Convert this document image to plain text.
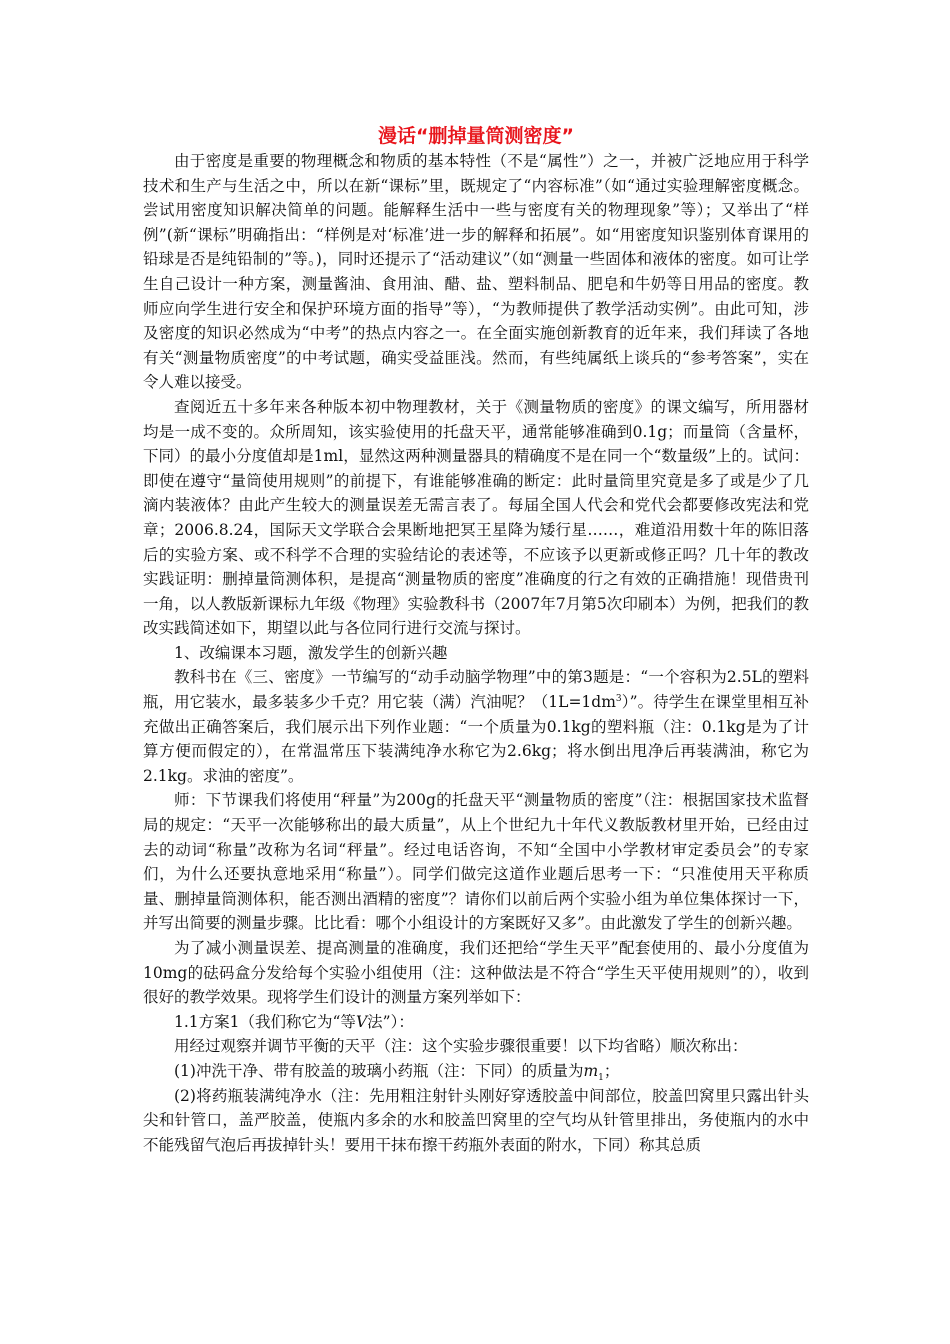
漫话“删掉量筒测密度”

由于密度是重要的物理概念和物质的基本特性（不是“属性”）之一，并被广泛地应用于科学技术和生产与生活之中，所以在新“课标”里，既规定了“内容标准”（如“通过实验理解密度概念。尝试用密度知识解决简单的问题。能解释生活中一些与密度有关的物理现象”等）；又举出了“样例”(新“课标”明确指出：“样例是对‘标准’进一步的解释和拓展”。如“用密度知识鉴别体育课用的铅球是否是纯铅制的”等。)，同时还提示了“活动建议”（如“测量一些固体和液体的密度。如可让学生自己设计一种方案，测量酱油、食用油、醋、盐、塑料制品、肥皂和牛奶等日用品的密度。教师应向学生进行安全和保护环境方面的指导”等），“为教师提供了教学活动实例”。由此可知，涉及密度的知识必然成为“中考”的热点内容之一。在全面实施创新教育的近年来，我们拜读了各地有关“测量物质密度”的中考试题，确实受益匪浅。然而，有些纯属纸上谈兵的“参考答案”，实在令人难以接受。

查阅近五十多年来各种版本初中物理教材，关于《测量物质的密度》的课文编写，所用器材均是一成不变的。众所周知，该实验使用的托盘天平，通常能够准确到0.1g；而量筒（含量杯，下同）的最小分度值却是1ml，显然这两种测量器具的精确度不是在同一个“数量级”上的。试问：即使在遵守“量筒使用规则”的前提下，有谁能够准确的断定：此时量筒里究竟是多了或是少了几滴内装液体？由此产生较大的测量误差无需言表了。每届全国人代会和党代会都要修改宪法和党章；2006.8.24，国际天文学联合会果断地把冥王星降为矮行星……，难道沿用数十年的陈旧落后的实验方案、或不科学不合理的实验结论的表述等，不应该予以更新或修正吗？几十年的教改实践证明：删掉量筒测体积，是提高“测量物质的密度”准确度的行之有效的正确措施！现借贵刊一角，以人教版新课标九年级《物理》实验教科书（2007年7月第5次印刷本）为例，把我们的教改实践简述如下，期望以此与各位同行进行交流与探讨。

1、改编课本习题，激发学生的创新兴趣

教科书在《三、密度》一节编写的“动手动脑学物理”中的第3题是：“一个容积为2.5L的塑料瓶，用它装水，最多装多少千克？用它装（满）汽油呢？$(1L=1dm^3)$”。待学生在课堂里相互补充做出正确答案后，我们展示出下列作业题：“一个质量为0.1kg的塑料瓶（注：0.1kg是为了计算方便而假定的），在常温常压下装满纯净水称它为2.6kg；将水倒出甩净后再装满油，称它为2.1kg。求油的密度”。

师：下节课我们将使用“秤量”为200g的托盘天平“测量物质的密度”（注：根据国家技术监督局的规定：“天平一次能够称出的最大质量”，从上个世纪九十年代义教版教材里开始，已经由过去的动词“称量”改称为名词“秤量”。经过电话咨询，不知“全国中小学教材审定委员会”的专家们，为什么还要执意地采用“称量”）。同学们做完这道作业题后思考一下：“只准使用天平称质量、删掉量筒测体积，能否测出酒精的密度”？请你们以前后两个实验小组为单位集体探讨一下，并写出简要的测量步骤。比比看：哪个小组设计的方案既好又多”。由此激发了学生的创新兴趣。

为了减小测量误差、提高测量的准确度，我们还把给“学生天平”配套使用的、最小分度值为10mg的砝码盒分发给每个实验小组使用（注：这种做法是不符合“学生天平使用规则”的），收到很好的教学效果。现将学生们设计的测量方案列举如下：

1.1方案1（我们称它为“等V法”）：

用经过观察并调节平衡的天平（注：这个实验步骤很重要！以下均省略）顺次称出：

(1)冲洗干净、带有胶盖的玻璃小药瓶（注：下同）的质量为$m_1$；

(2)将药瓶装满纯净水（注：先用粗注射针头刚好穿透胶盖中间部位，胶盖凹窝里只露出针头尖和针管口，盖严胶盖，使瓶内多余的水和胶盖凹窝里的空气均从针管里排出，务使瓶内的水中不能残留气泡后再拔掉针头！要用干抹布擦干药瓶外表面的附水，下同）称其总质
